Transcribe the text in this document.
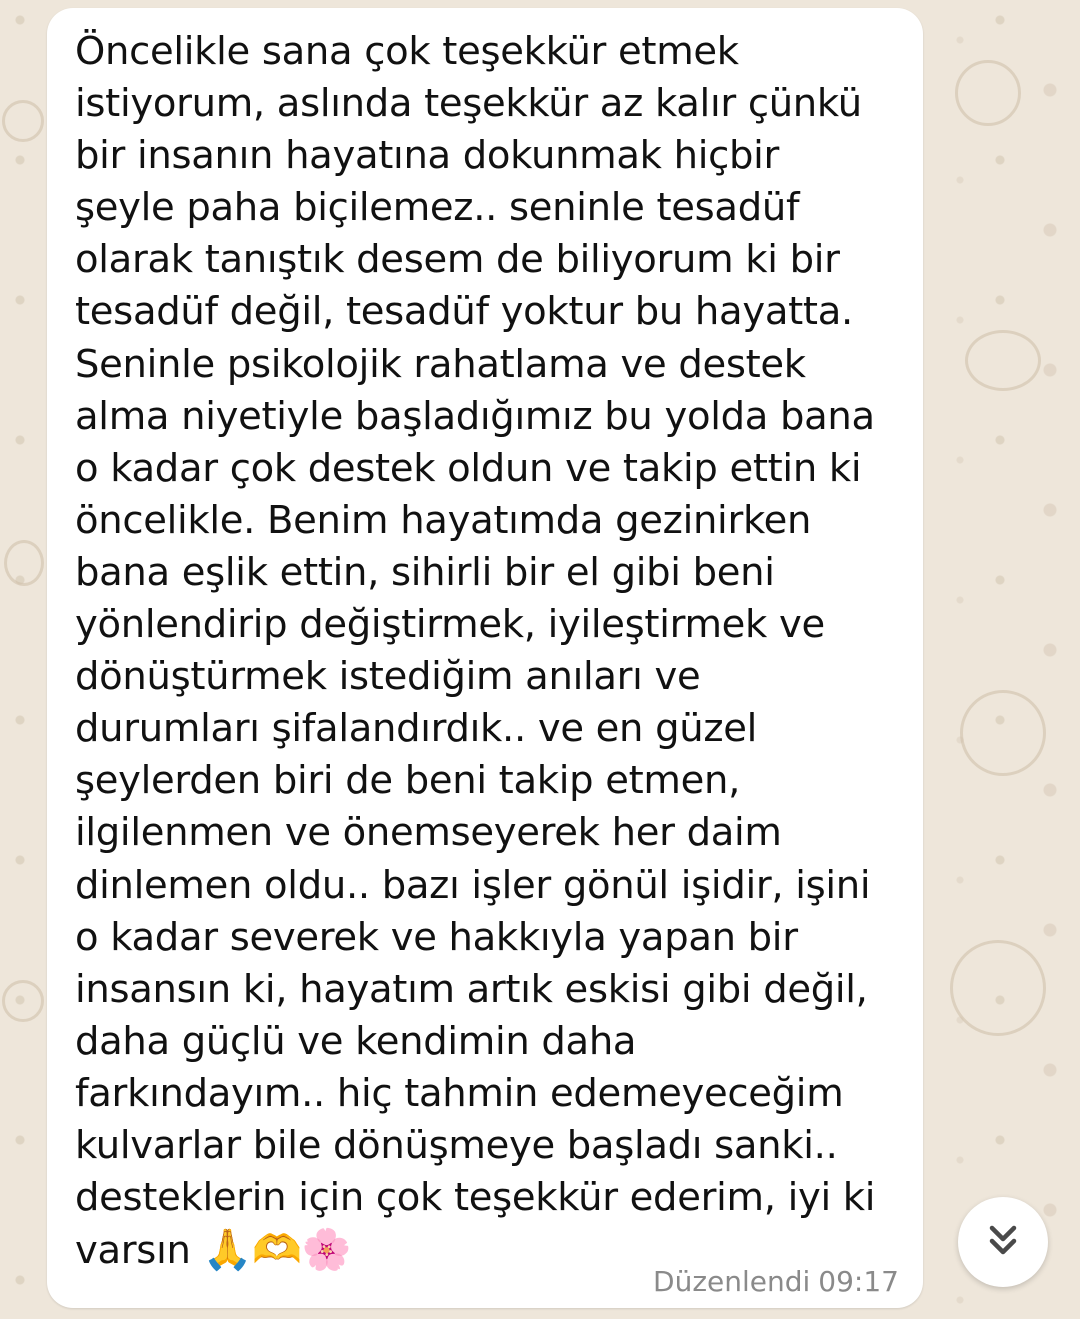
Öncelikle sana çok teşekkür etmek
istiyorum, aslında teşekkür az kalır çünkü
bir insanın hayatına dokunmak hiçbir
şeyle paha biçilemez.. seninle tesadüf
olarak tanıştık desem de biliyorum ki bir
tesadüf değil, tesadüf yoktur bu hayatta.
Seninle psikolojik rahatlama ve destek
alma niyetiyle başladığımız bu yolda bana
o kadar çok destek oldun ve takip ettin ki
öncelikle. Benim hayatımda gezinirken
bana eşlik ettin, sihirli bir el gibi beni
yönlendirip değiştirmek, iyileştirmek ve
dönüştürmek istediğim anıları ve
durumları şifalandırdık.. ve en güzel
şeylerden biri de beni takip etmen,
ilgilenmen ve önemseyerek her daim
dinlemen oldu.. bazı işler gönül işidir, işini
o kadar severek ve hakkıyla yapan bir
insansın ki, hayatım artık eskisi gibi değil,
daha güçlü ve kendimin daha
farkındayım.. hiç tahmin edemeyeceğim
kulvarlar bile dönüşmeye başladı sanki..
desteklerin için çok teşekkür ederim, iyi ki
varsın 🙏🫶🌸
Düzenlendi 09:17
